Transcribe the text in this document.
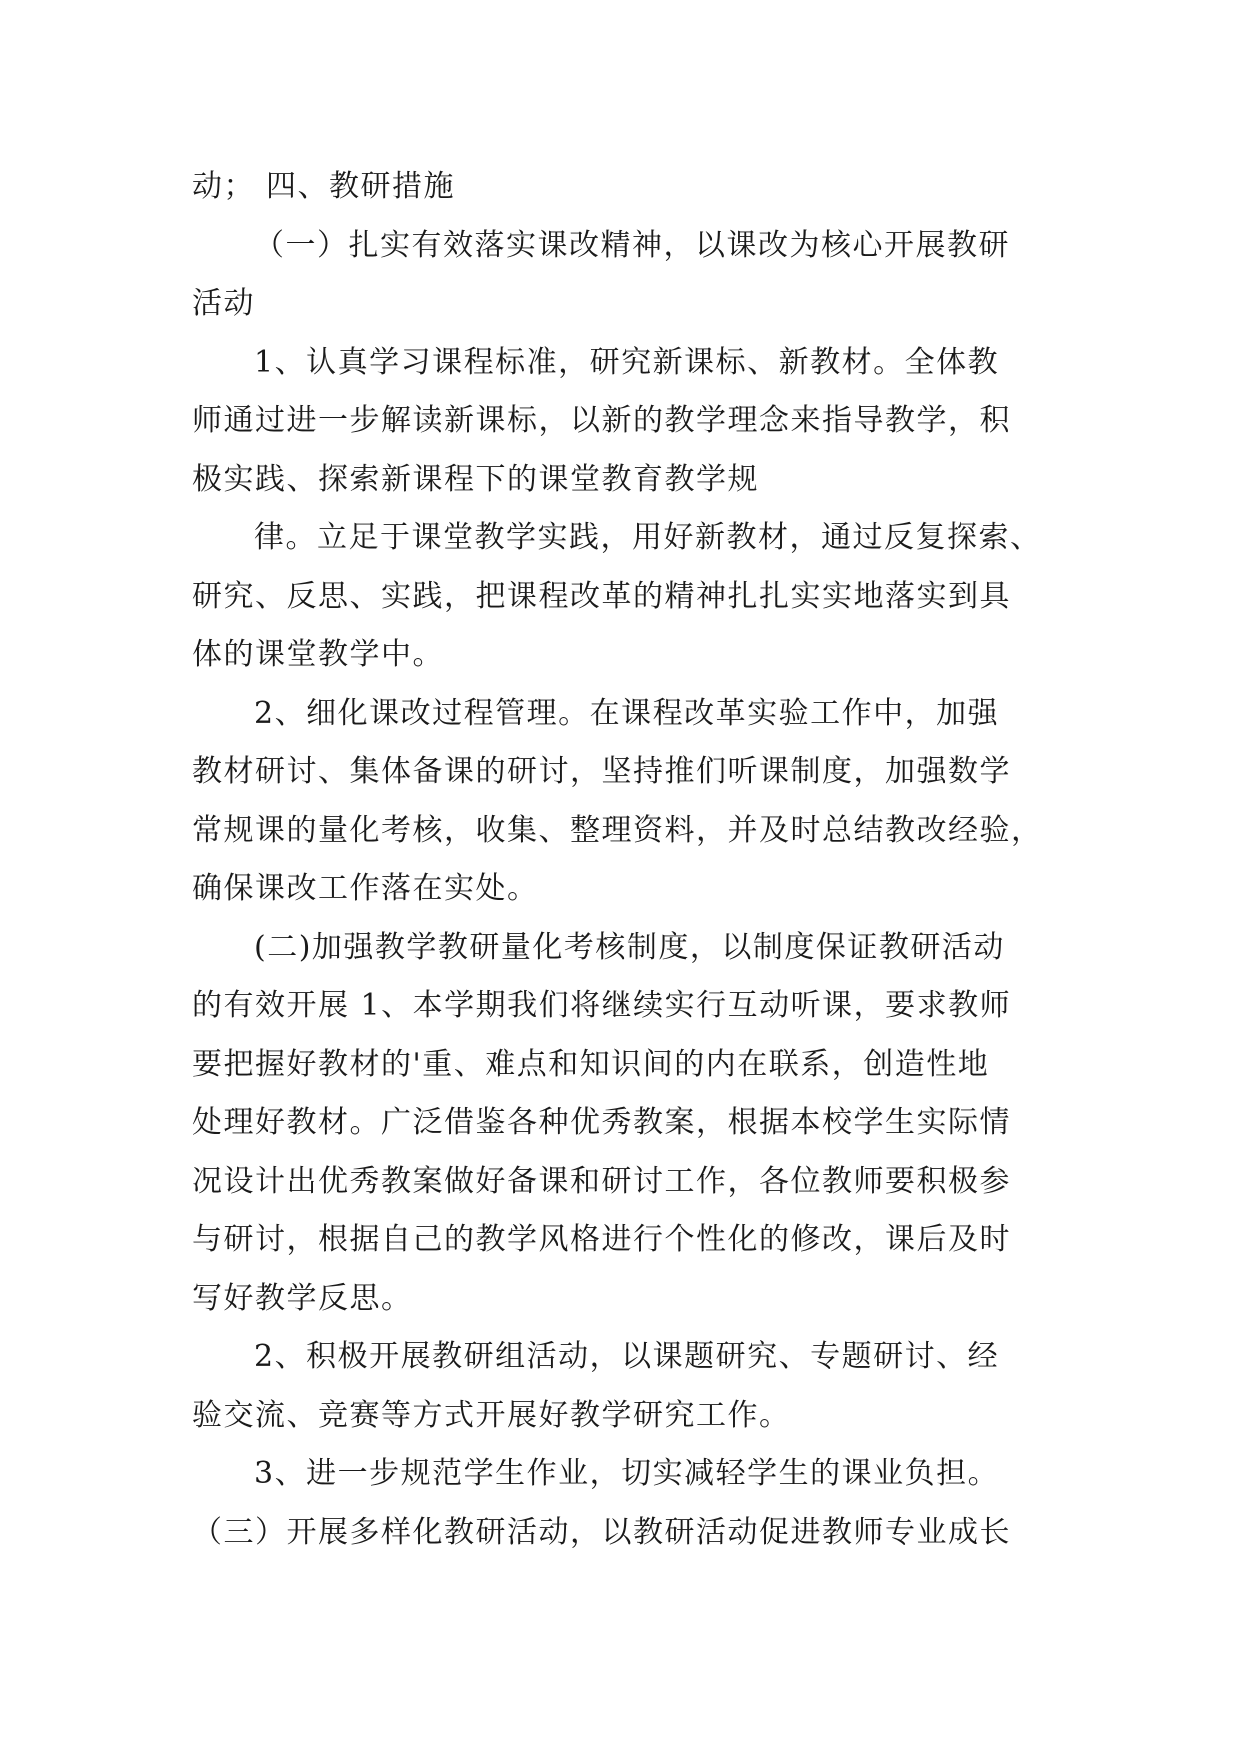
动； 四、教研措施
（一）扎实有效落实课改精神，以课改为核心开展教研
活动
1、认真学习课程标准，研究新课标、新教材。全体教
师通过进一步解读新课标，以新的教学理念来指导教学，积
极实践、探索新课程下的课堂教育教学规
律。立足于课堂教学实践，用好新教材，通过反复探索、
研究、反思、实践，把课程改革的精神扎扎实实地落实到具
体的课堂教学中。
2、细化课改过程管理。在课程改革实验工作中，加强
教材研讨、集体备课的研讨，坚持推们听课制度，加强数学
常规课的量化考核，收集、整理资料，并及时总结教改经验，
确保课改工作落在实处。
(二)加强教学教研量化考核制度，以制度保证教研活动
的有效开展 1、本学期我们将继续实行互动听课，要求教师
要把握好教材的'重、难点和知识间的内在联系，创造性地
处理好教材。广泛借鉴各种优秀教案，根据本校学生实际情
况设计出优秀教案做好备课和研讨工作，各位教师要积极参
与研讨，根据自己的教学风格进行个性化的修改，课后及时
写好教学反思。
2、积极开展教研组活动，以课题研究、专题研讨、经
验交流、竞赛等方式开展好教学研究工作。
3、进一步规范学生作业，切实减轻学生的课业负担。
（三）开展多样化教研活动，以教研活动促进教师专业成长
